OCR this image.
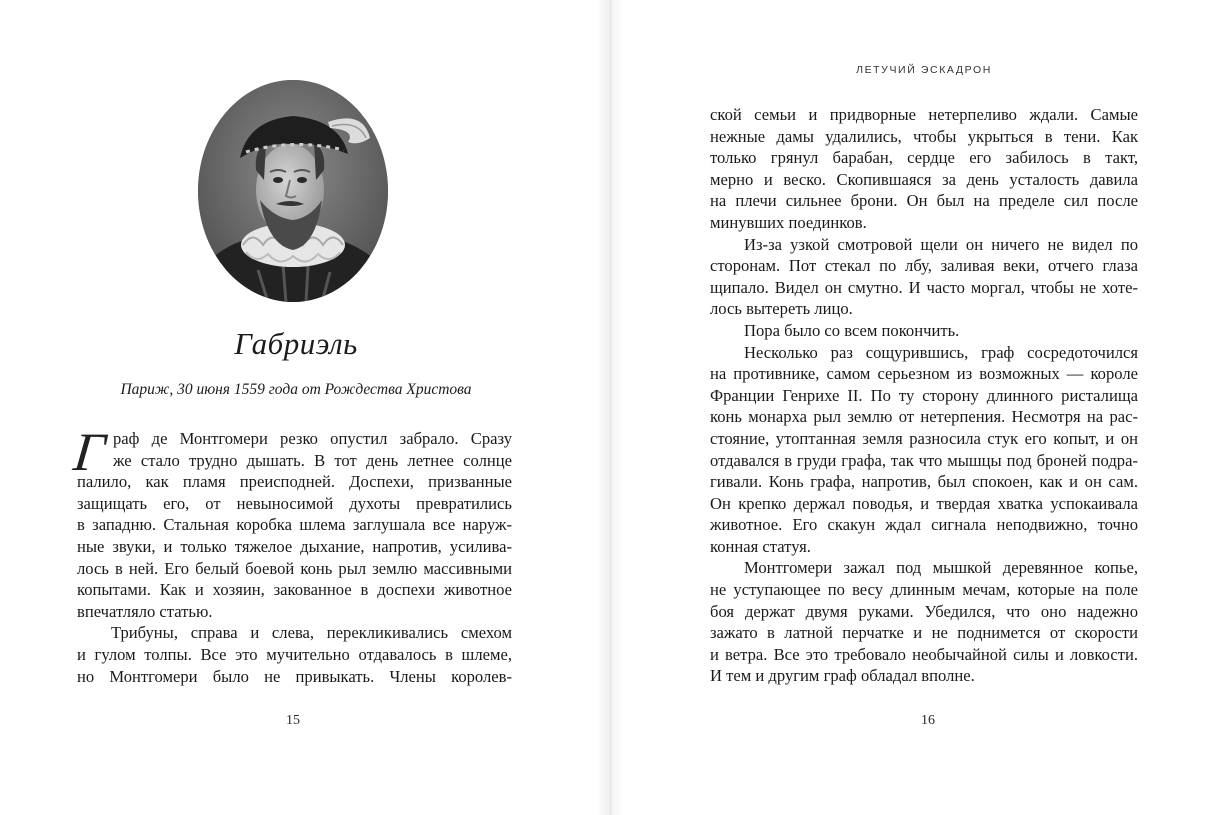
Габриэль
Париж, 30 июня 1559 года от Рождества Христова
Г раф де Монтгомери резко опустил забрало. Сразу
же стало трудно дышать. В тот день летнее солнце
палило, как пламя преисподней. Доспехи, призванные
защищать его, от невыносимой духоты превратились
в западню. Стальная коробка шлема заглушала все наруж-
ные звуки, и только тяжелое дыхание, напротив, усилива-
лось в ней. Его белый боевой конь рыл землю массивными
копытами. Как и хозяин, закованное в доспехи животное
впечатляло статью.
Трибуны, справа и слева, перекликивались смехом
и гулом толпы. Все это мучительно отдавалось в шлеме,
но Монтгомери было не привыкать. Члены королев-
15
ЛЕТУЧИЙ ЭСКАДРОН
ской семьи и придворные нетерпеливо ждали. Самые
нежные дамы удалились, чтобы укрыться в тени. Как
только грянул барабан, сердце его забилось в такт,
мерно и веско. Скопившаяся за день усталость давила
на плечи сильнее брони. Он был на пределе сил после
минувших поединков.
Из-за узкой смотровой щели он ничего не видел по
сторонам. Пот стекал по лбу, заливая веки, отчего глаза
щипало. Видел он смутно. И часто моргал, чтобы не хоте-
лось вытереть лицо.
Пора было со всем покончить.
Несколько раз сощурившись, граф сосредоточился
на противнике, самом серьезном из возможных — короле
Франции Генрихе II. По ту сторону длинного ристалища
конь монарха рыл землю от нетерпения. Несмотря на рас-
стояние, утоптанная земля разносила стук его копыт, и он
отдавался в груди графа, так что мышцы под броней подра-
гивали. Конь графа, напротив, был спокоен, как и он сам.
Он крепко держал поводья, и твердая хватка успокаивала
животное. Его скакун ждал сигнала неподвижно, точно
конная статуя.
Монтгомери зажал под мышкой деревянное копье,
не уступающее по весу длинным мечам, которые на поле
боя держат двумя руками. Убедился, что оно надежно
зажато в латной перчатке и не поднимется от скорости
и ветра. Все это требовало необычайной силы и ловкости.
И тем и другим граф обладал вполне.
16
